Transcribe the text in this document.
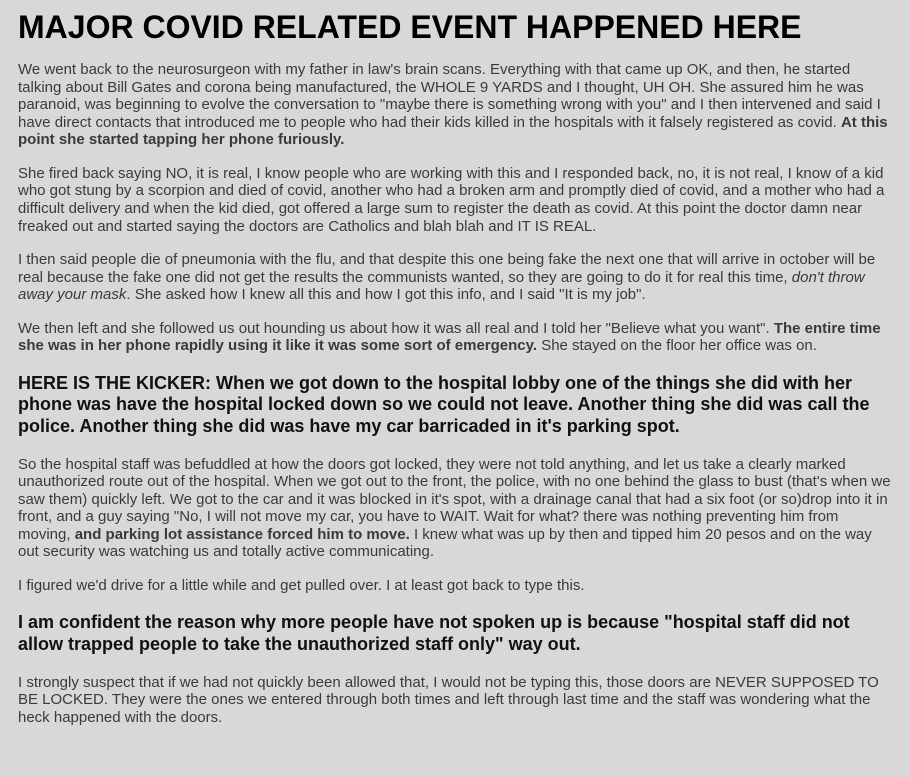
MAJOR COVID RELATED EVENT HAPPENED HERE

We went back to the neurosurgeon with my father in law's brain scans. Everything with that came up OK, and then, he started talking about Bill Gates and corona being manufactured, the WHOLE 9 YARDS and I thought, UH OH. She assured him he was paranoid, was beginning to evolve the conversation to "maybe there is something wrong with you" and I then intervened and said I have direct contacts that introduced me to people who had their kids killed in the hospitals with it falsely registered as covid. At this point she started tapping her phone furiously.

She fired back saying NO, it is real, I know people who are working with this and I responded back, no, it is not real, I know of a kid who got stung by a scorpion and died of covid, another who had a broken arm and promptly died of covid, and a mother who had a difficult delivery and when the kid died, got offered a large sum to register the death as covid. At this point the doctor damn near freaked out and started saying the doctors are Catholics and blah blah and IT IS REAL.

I then said people die of pneumonia with the flu, and that despite this one being fake the next one that will arrive in october will be real because the fake one did not get the results the communists wanted, so they are going to do it for real this time, don't throw away your mask. She asked how I knew all this and how I got this info, and I said "It is my job".

We then left and she followed us out hounding us about how it was all real and I told her "Believe what you want". The entire time she was in her phone rapidly using it like it was some sort of emergency. She stayed on the floor her office was on.

HERE IS THE KICKER: When we got down to the hospital lobby one of the things she did with her phone was have the hospital locked down so we could not leave. Another thing she did was call the police. Another thing she did was have my car barricaded in it's parking spot.

So the hospital staff was befuddled at how the doors got locked, they were not told anything, and let us take a clearly marked unauthorized route out of the hospital. When we got out to the front, the police, with no one behind the glass to bust (that's when we saw them) quickly left. We got to the car and it was blocked in it's spot, with a drainage canal that had a six foot (or so)drop into it in front, and a guy saying "No, I will not move my car, you have to WAIT. Wait for what? there was nothing preventing him from moving, and parking lot assistance forced him to move. I knew what was up by then and tipped him 20 pesos and on the way out security was watching us and totally active communicating.

I figured we'd drive for a little while and get pulled over. I at least got back to type this.

I am confident the reason why more people have not spoken up is because "hospital staff did not allow trapped people to take the unauthorized staff only" way out.

I strongly suspect that if we had not quickly been allowed that, I would not be typing this, those doors are NEVER SUPPOSED TO BE LOCKED. They were the ones we entered through both times and left through last time and the staff was wondering what the heck happened with the doors.
